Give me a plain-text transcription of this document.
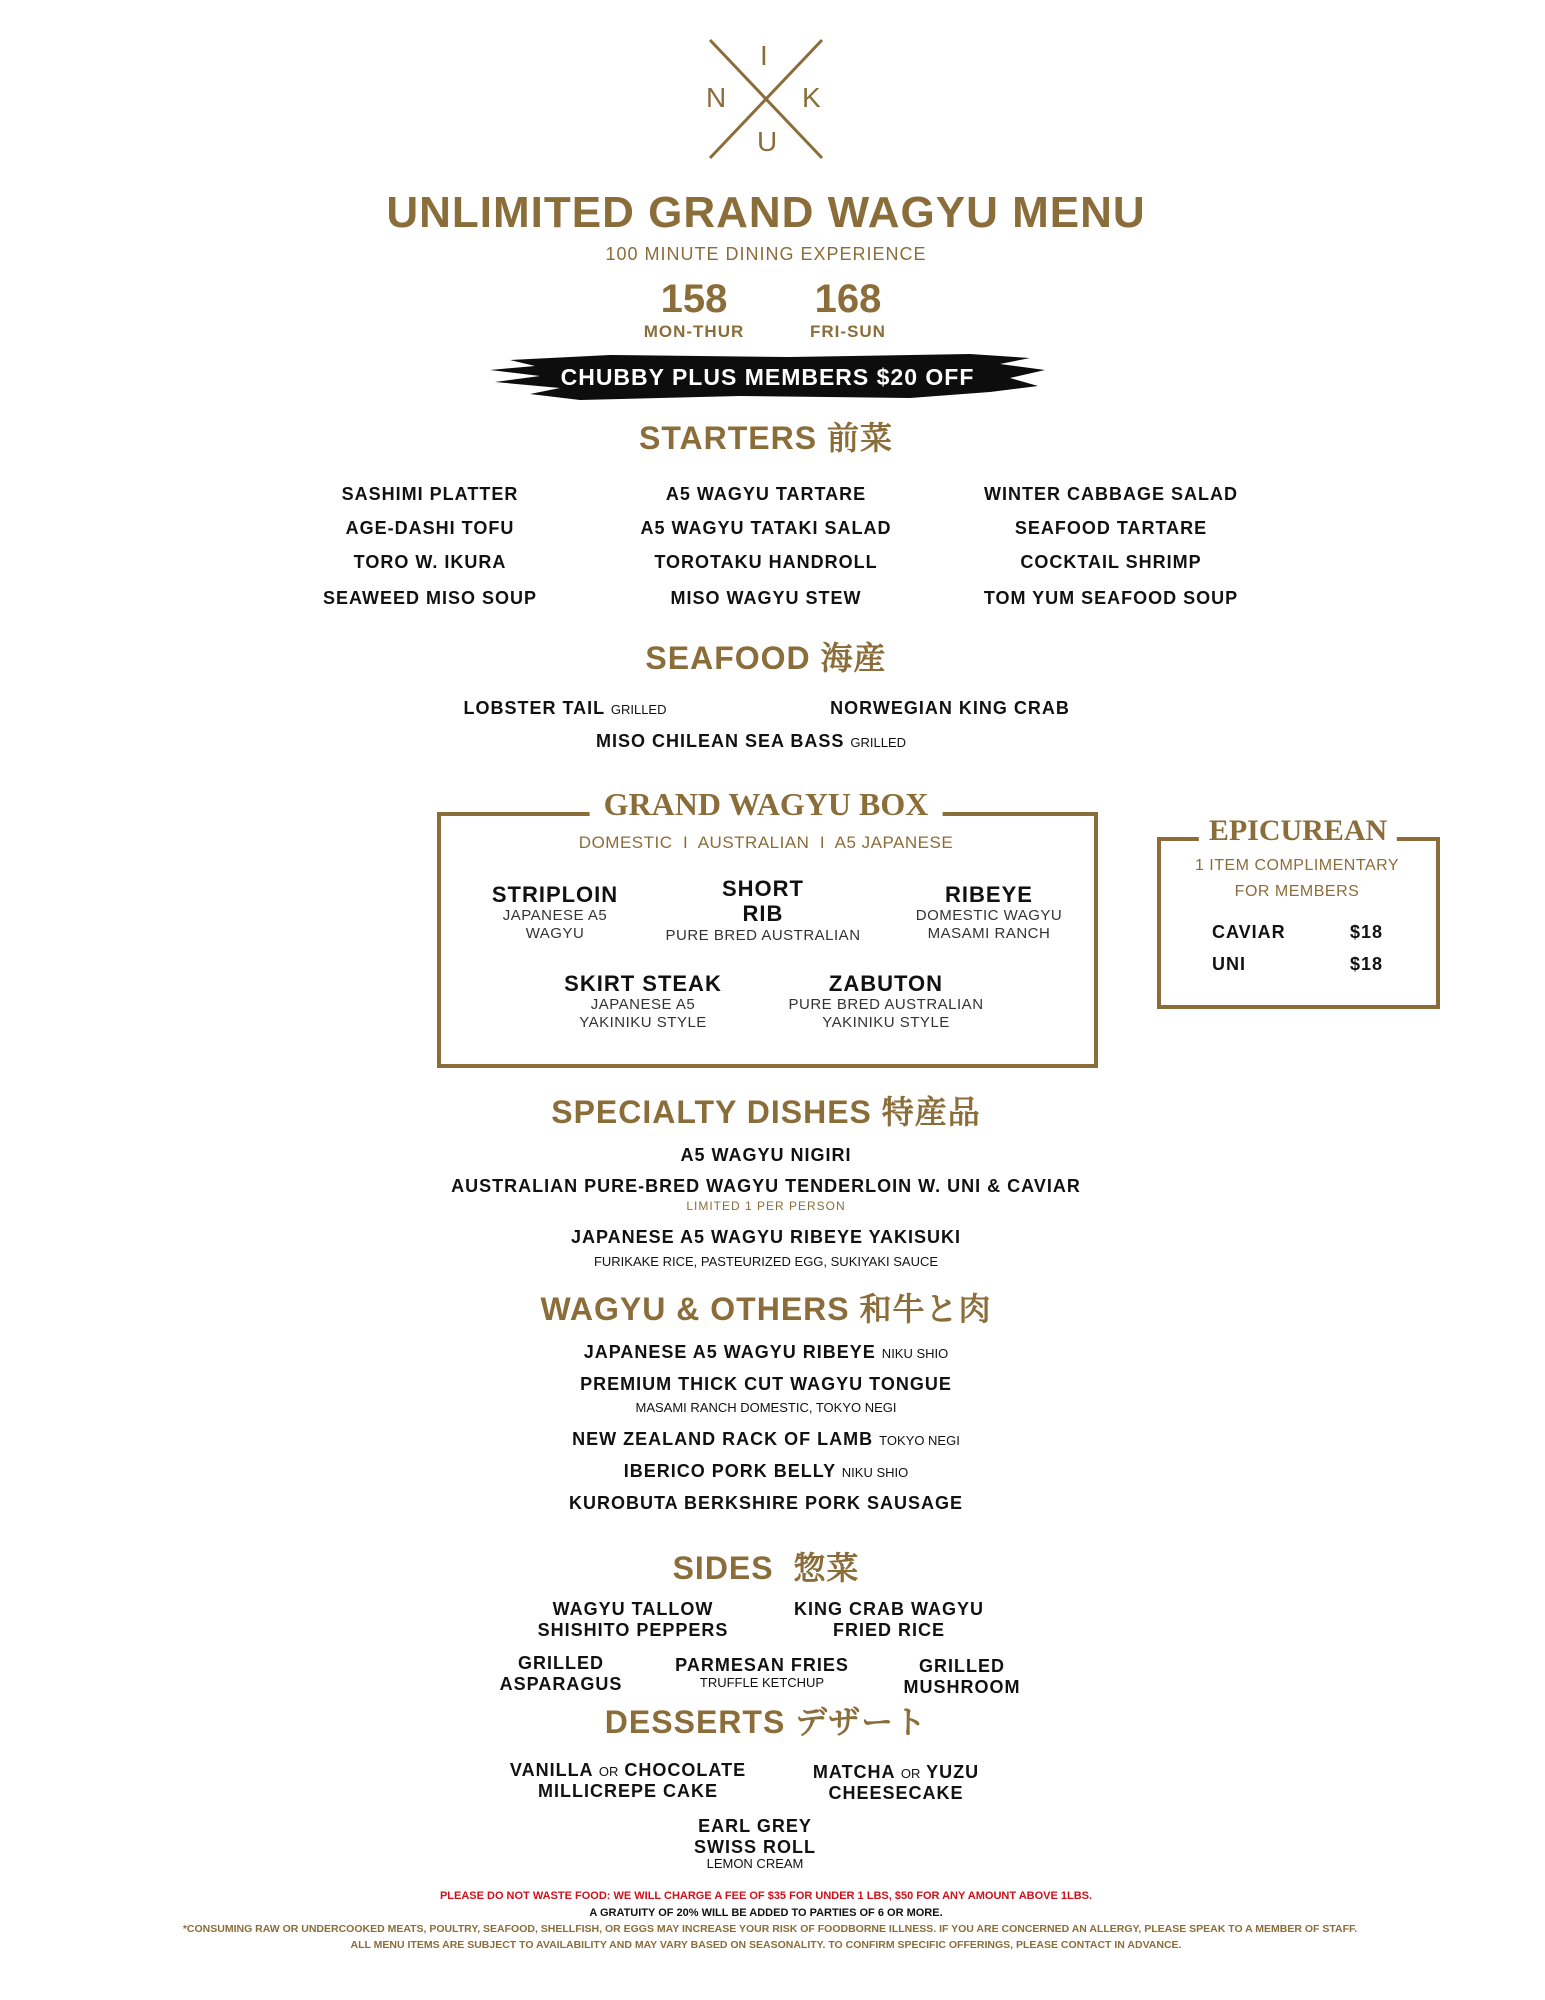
I
N	K
U
UNLIMITED GRAND WAGYU MENU
100 MINUTE DINING EXPERIENCE
158
MON-THUR
168
FRI-SUN
CHUBBY PLUS MEMBERS $20 OFF
STARTERS 前菜
SASHIMI PLATTER
AGE-DASHI TOFU
TORO W. IKURA
SEAWEED MISO SOUP
A5 WAGYU TARTARE
A5 WAGYU TATAKI SALAD
TOROTAKU HANDROLL
MISO WAGYU STEW
WINTER CABBAGE SALAD
SEAFOOD TARTARE
COCKTAIL SHRIMP
TOM YUM SEAFOOD SOUP
SEAFOOD 海産
LOBSTER TAIL GRILLED	NORWEGIAN KING CRAB
MISO CHILEAN SEA BASS GRILLED
GRAND WAGYU BOX
DOMESTIC  I  AUSTRALIAN  I  A5 JAPANESE
STRIPLOIN
JAPANESE A5
WAGYU
SHORT RIB
PURE BRED AUSTRALIAN
RIBEYE
DOMESTIC WAGYU
MASAMI RANCH
SKIRT STEAK
JAPANESE A5
YAKINIKU STYLE
ZABUTON
PURE BRED AUSTRALIAN
YAKINIKU STYLE
EPICUREAN
1 ITEM COMPLIMENTARY
FOR MEMBERS
CAVIAR	$18
UNI	$18
SPECIALTY DISHES 特産品
A5 WAGYU NIGIRI
AUSTRALIAN PURE-BRED WAGYU TENDERLOIN W. UNI & CAVIAR
LIMITED 1 PER PERSON
JAPANESE A5 WAGYU RIBEYE YAKISUKI
FURIKAKE RICE, PASTEURIZED EGG, SUKIYAKI SAUCE
WAGYU & OTHERS 和牛と肉
JAPANESE A5 WAGYU RIBEYE NIKU SHIO
PREMIUM THICK CUT WAGYU TONGUE
MASAMI RANCH DOMESTIC, TOKYO NEGI
NEW ZEALAND RACK OF LAMB TOKYO NEGI
IBERICO PORK BELLY NIKU SHIO
KUROBUTA BERKSHIRE PORK SAUSAGE
SIDES  惣菜
WAGYU TALLOW
SHISHITO PEPPERS
KING CRAB WAGYU
FRIED RICE
GRILLED
ASPARAGUS
PARMESAN FRIES
TRUFFLE KETCHUP
GRILLED
MUSHROOM
DESSERTS デザート
VANILLA OR CHOCOLATE
MILLICREPE CAKE
MATCHA OR YUZU
CHEESECAKE
EARL GREY
SWISS ROLL
LEMON CREAM
PLEASE DO NOT WASTE FOOD: WE WILL CHARGE A FEE OF $35 FOR UNDER 1 LBS, $50 FOR ANY AMOUNT ABOVE 1LBS.
A GRATUITY OF 20% WILL BE ADDED TO PARTIES OF 6 OR MORE.
*CONSUMING RAW OR UNDERCOOKED MEATS, POULTRY, SEAFOOD, SHELLFISH, OR EGGS MAY INCREASE YOUR RISK OF FOODBORNE ILLNESS. IF YOU ARE CONCERNED AN ALLERGY, PLEASE SPEAK TO A MEMBER OF STAFF.
ALL MENU ITEMS ARE SUBJECT TO AVAILABILITY AND MAY VARY BASED ON SEASONALITY. TO CONFIRM SPECIFIC OFFERINGS, PLEASE CONTACT IN ADVANCE.
